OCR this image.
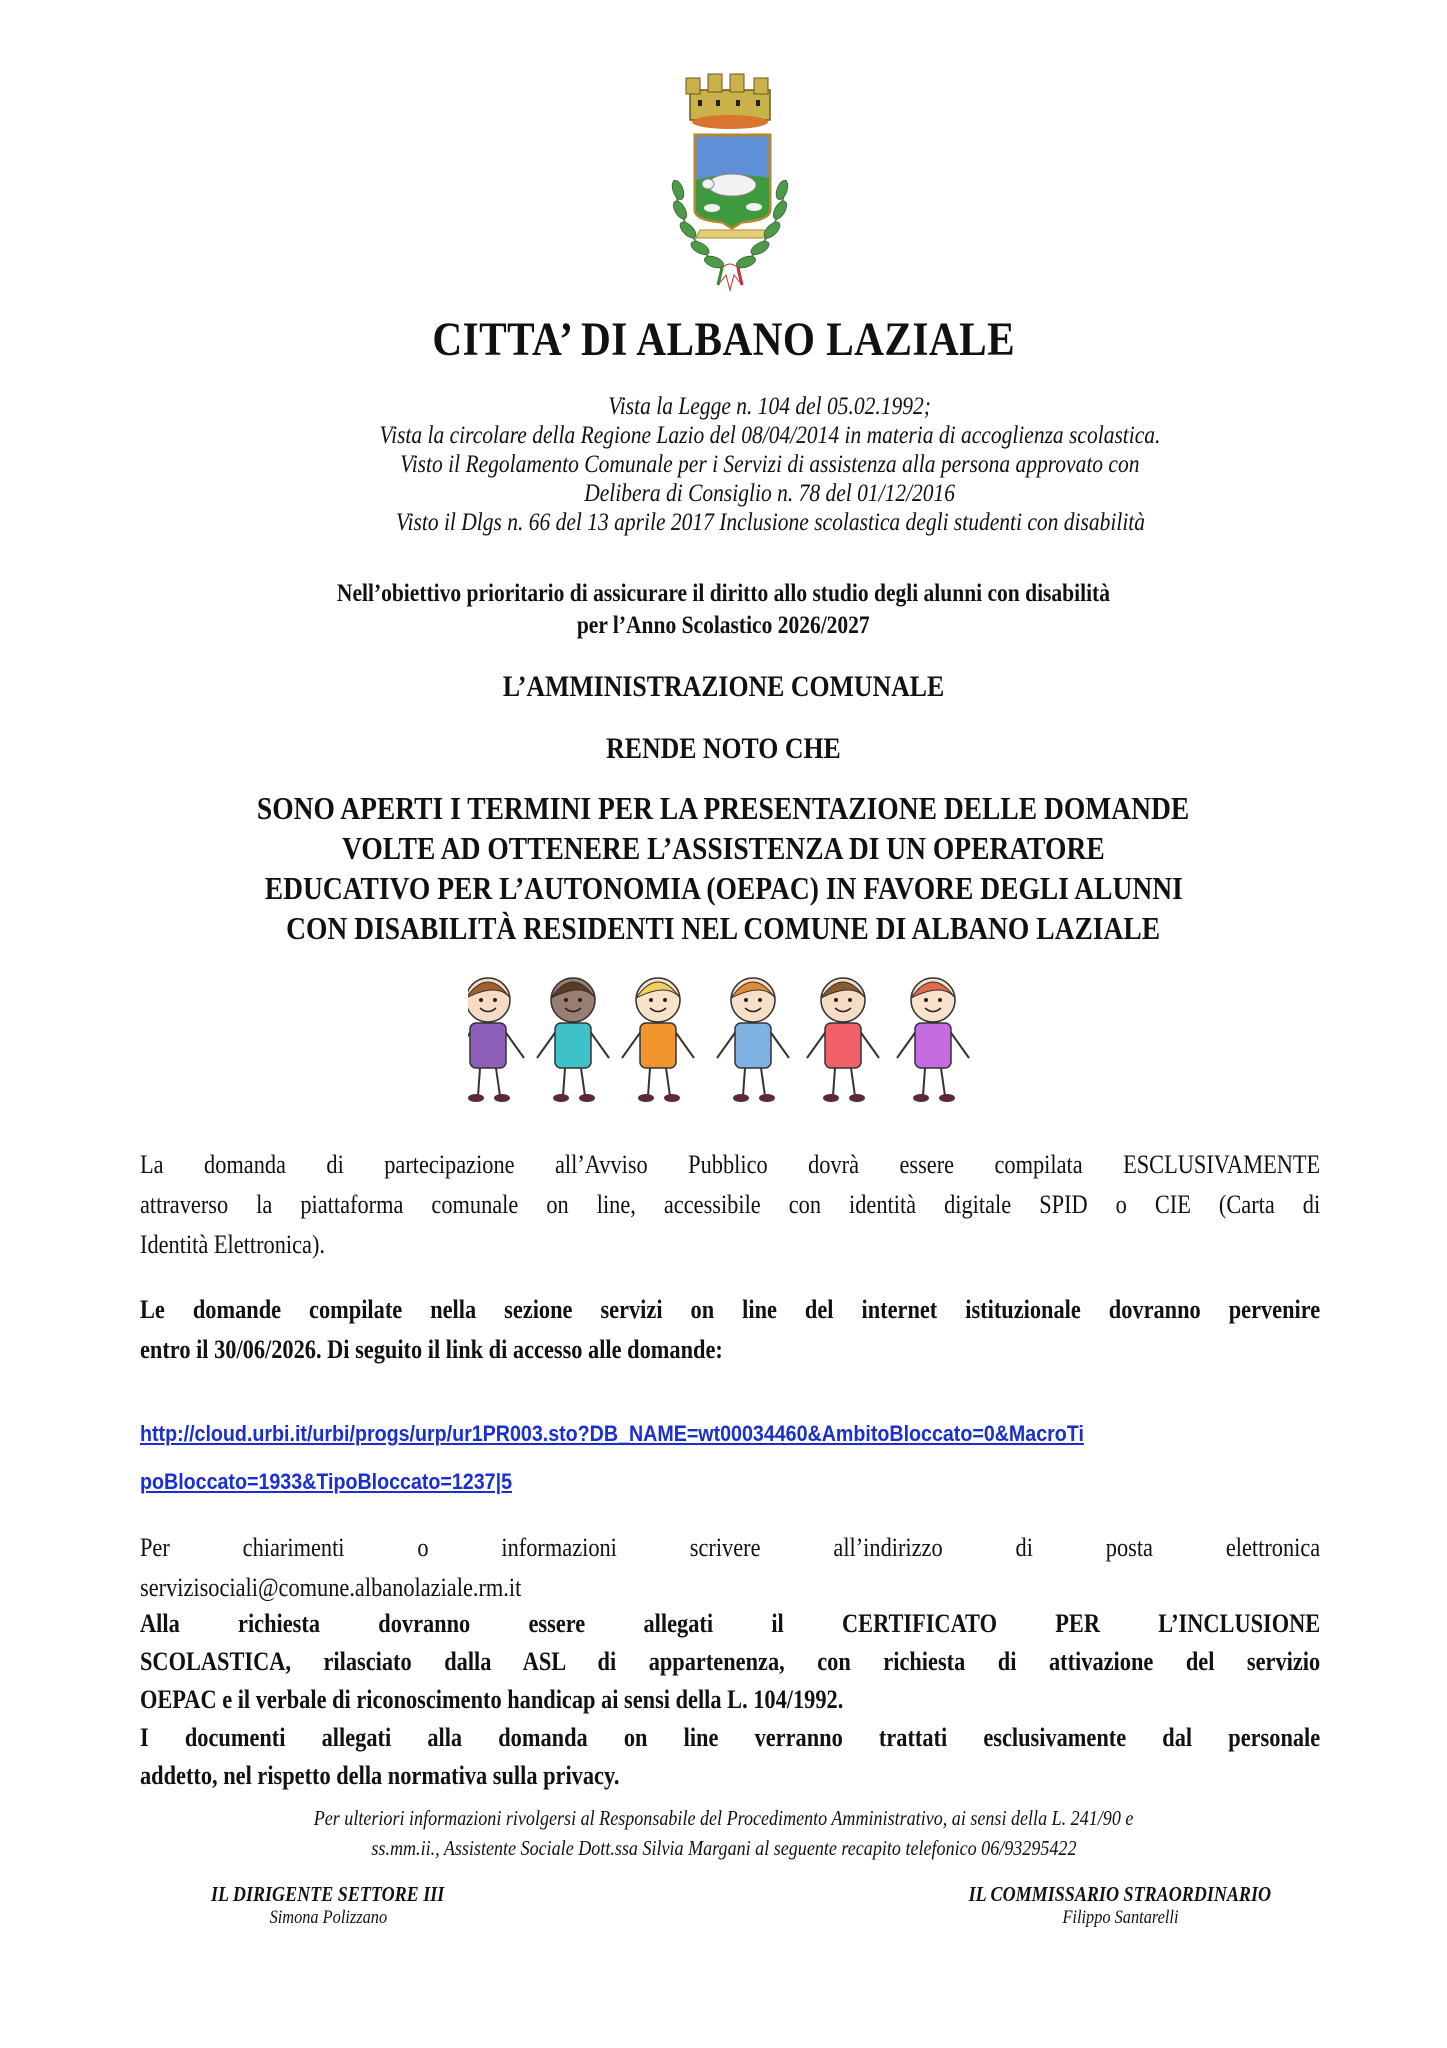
CITTA’ DI ALBANO LAZIALE
Vista la Legge n. 104 del 05.02.1992;
Vista la circolare della Regione Lazio del 08/04/2014 in materia di accoglienza scolastica.
Visto il Regolamento Comunale per i Servizi di assistenza alla persona approvato con
Delibera di Consiglio n. 78 del 01/12/2016
Visto il Dlgs n. 66 del 13 aprile 2017 Inclusione scolastica degli studenti con disabilità
Nell’obiettivo prioritario di assicurare il diritto allo studio degli alunni con disabilità
per l’Anno Scolastico 2026/2027
L’AMMINISTRAZIONE COMUNALE
RENDE NOTO CHE
SONO APERTI I TERMINI PER LA PRESENTAZIONE DELLE DOMANDE
VOLTE AD OTTENERE L’ASSISTENZA DI UN OPERATORE
EDUCATIVO PER L’AUTONOMIA (OEPAC) IN FAVORE DEGLI ALUNNI
CON DISABILITÀ RESIDENTI NEL COMUNE DI ALBANO LAZIALE
La domanda di partecipazione all’Avviso Pubblico dovrà essere compilata ESCLUSIVAMENTE
attraverso la piattaforma comunale on line, accessibile con identità digitale SPID o CIE (Carta di
Identità Elettronica).
Le domande compilate nella sezione servizi on line del internet istituzionale dovranno pervenire
entro il 30/06/2026. Di seguito il link di accesso alle domande:
http://cloud.urbi.it/urbi/progs/urp/ur1PR003.sto?DB_NAME=wt00034460&AmbitoBloccato=0&MacroTi
poBloccato=1933&TipoBloccato=1237|5
Per chiarimenti o informazioni scrivere all’indirizzo di posta elettronica
servizisociali@comune.albanolaziale.rm.it
Alla richiesta dovranno essere allegati il CERTIFICATO PER L’INCLUSIONE
SCOLASTICA, rilasciato dalla ASL di appartenenza, con richiesta di attivazione del servizio
OEPAC e il verbale di riconoscimento handicap ai sensi della L. 104/1992.
I documenti allegati alla domanda on line verranno trattati esclusivamente dal personale
addetto, nel rispetto della normativa sulla privacy.
Per ulteriori informazioni rivolgersi al Responsabile del Procedimento Amministrativo, ai sensi della L. 241/90 e
ss.mm.ii., Assistente Sociale Dott.ssa Silvia Margani al seguente recapito telefonico 06/93295422
IL DIRIGENTE SETTORE III
Simona Polizzano
IL COMMISSARIO STRAORDINARIO
Filippo Santarelli
